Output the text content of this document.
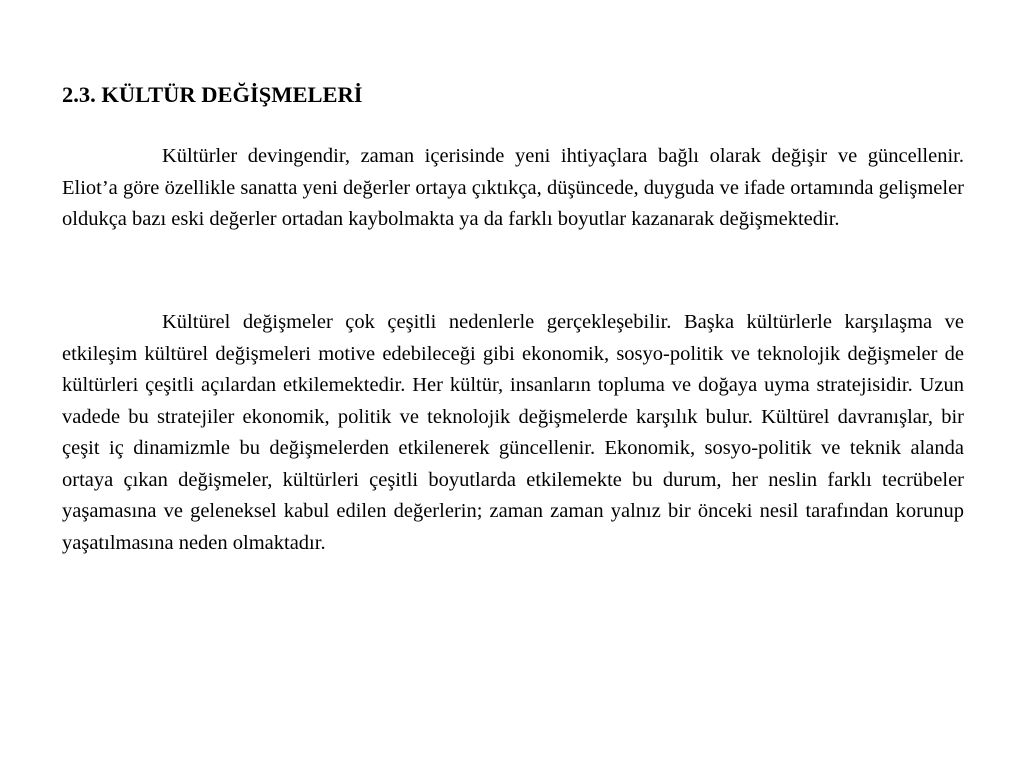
2.3. KÜLTÜR DEĞİŞMELERİ

Kültürler devingendir, zaman içerisinde yeni ihtiyaçlara bağlı olarak değişir ve güncellenir. Eliot’a göre özellikle sanatta yeni değerler ortaya çıktıkça, düşüncede, duyguda ve ifade ortamında gelişmeler oldukça bazı eski değerler ortadan kaybolmakta ya da farklı boyutlar kazanarak değişmektedir.

Kültürel değişmeler çok çeşitli nedenlerle gerçekleşebilir. Başka kültürlerle karşılaşma ve etkileşim kültürel değişmeleri motive edebileceği gibi ekonomik, sosyo-politik ve teknolojik değişmeler de kültürleri çeşitli açılardan etkilemektedir. Her kültür, insanların topluma ve doğaya uyma stratejisidir. Uzun vadede bu stratejiler ekonomik, politik ve teknolojik değişmelerde karşılık bulur. Kültürel davranışlar, bir çeşit iç dinamizmle bu değişmelerden etkilenerek güncellenir. Ekonomik, sosyo-politik ve teknik alanda ortaya çıkan değişmeler, kültürleri çeşitli boyutlarda etkilemekte bu durum, her neslin farklı tecrübeler yaşamasına ve geleneksel kabul edilen değerlerin; zaman zaman yalnız bir önceki nesil tarafından korunup yaşatılmasına neden olmaktadır.
